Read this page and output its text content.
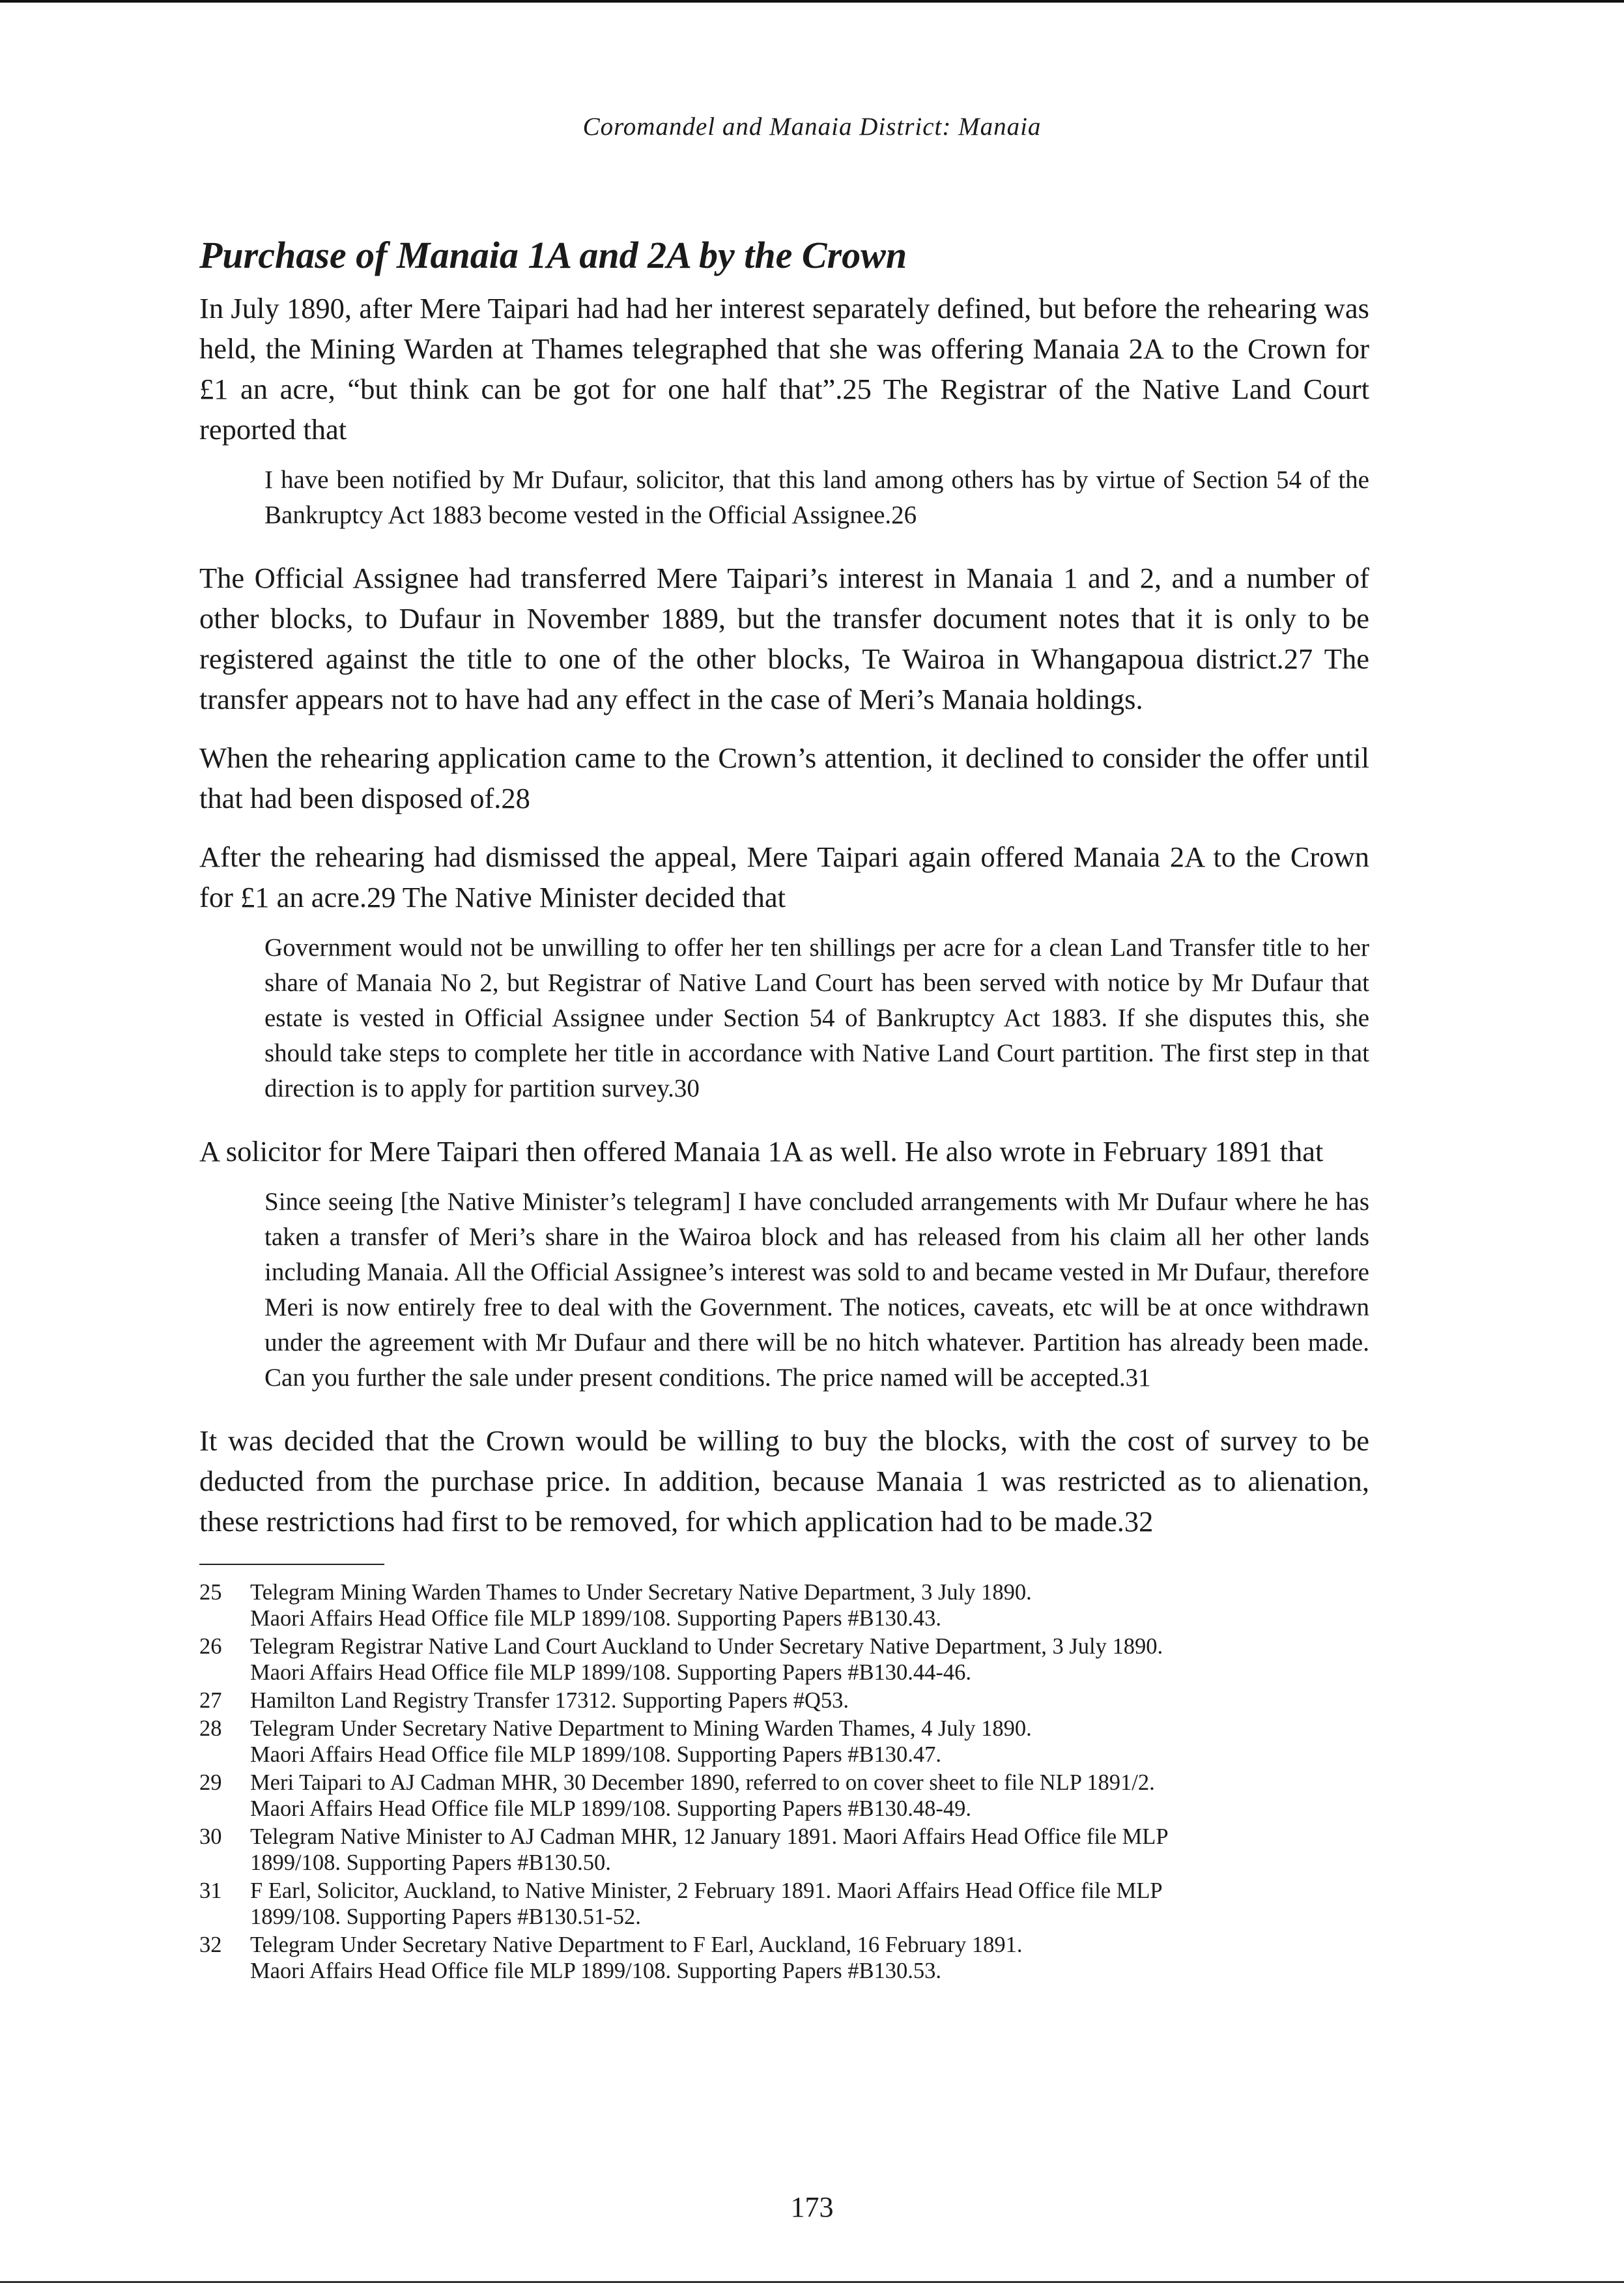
Coromandel and Manaia District: Manaia
Purchase of Manaia 1A and 2A by the Crown

In July 1890, after Mere Taipari had had her interest separately defined, but before the rehearing was held, the Mining Warden at Thames telegraphed that she was offering Manaia 2A to the Crown for £1 an acre, “but think can be got for one half that”.25 The Registrar of the Native Land Court reported that

I have been notified by Mr Dufaur, solicitor, that this land among others has by virtue of Section 54 of the Bankruptcy Act 1883 become vested in the Official Assignee.26

The Official Assignee had transferred Mere Taipari’s interest in Manaia 1 and 2, and a number of other blocks, to Dufaur in November 1889, but the transfer document notes that it is only to be registered against the title to one of the other blocks, Te Wairoa in Whangapoua district.27 The transfer appears not to have had any effect in the case of Meri’s Manaia holdings.

When the rehearing application came to the Crown’s attention, it declined to consider the offer until that had been disposed of.28

After the rehearing had dismissed the appeal, Mere Taipari again offered Manaia 2A to the Crown for £1 an acre.29 The Native Minister decided that

Government would not be unwilling to offer her ten shillings per acre for a clean Land Transfer title to her share of Manaia No 2, but Registrar of Native Land Court has been served with notice by Mr Dufaur that estate is vested in Official Assignee under Section 54 of Bankruptcy Act 1883. If she disputes this, she should take steps to complete her title in accordance with Native Land Court partition. The first step in that direction is to apply for partition survey.30

A solicitor for Mere Taipari then offered Manaia 1A as well. He also wrote in February 1891 that

Since seeing [the Native Minister’s telegram] I have concluded arrangements with Mr Dufaur where he has taken a transfer of Meri’s share in the Wairoa block and has released from his claim all her other lands including Manaia. All the Official Assignee’s interest was sold to and became vested in Mr Dufaur, therefore Meri is now entirely free to deal with the Government. The notices, caveats, etc will be at once withdrawn under the agreement with Mr Dufaur and there will be no hitch whatever. Partition has already been made. Can you further the sale under present conditions. The price named will be accepted.31

It was decided that the Crown would be willing to buy the blocks, with the cost of survey to be deducted from the purchase price. In addition, because Manaia 1 was restricted as to alienation, these restrictions had first to be removed, for which application had to be made.32

25 Telegram Mining Warden Thames to Under Secretary Native Department, 3 July 1890.
Maori Affairs Head Office file MLP 1899/108. Supporting Papers #B130.43.
26 Telegram Registrar Native Land Court Auckland to Under Secretary Native Department, 3 July 1890.
Maori Affairs Head Office file MLP 1899/108. Supporting Papers #B130.44-46.
27 Hamilton Land Registry Transfer 17312. Supporting Papers #Q53.
28 Telegram Under Secretary Native Department to Mining Warden Thames, 4 July 1890.
Maori Affairs Head Office file MLP 1899/108. Supporting Papers #B130.47.
29 Meri Taipari to AJ Cadman MHR, 30 December 1890, referred to on cover sheet to file NLP 1891/2.
Maori Affairs Head Office file MLP 1899/108. Supporting Papers #B130.48-49.
30 Telegram Native Minister to AJ Cadman MHR, 12 January 1891. Maori Affairs Head Office file MLP
1899/108. Supporting Papers #B130.50.
31 F Earl, Solicitor, Auckland, to Native Minister, 2 February 1891. Maori Affairs Head Office file MLP
1899/108. Supporting Papers #B130.51-52.
32 Telegram Under Secretary Native Department to F Earl, Auckland, 16 February 1891.
Maori Affairs Head Office file MLP 1899/108. Supporting Papers #B130.53.
173
